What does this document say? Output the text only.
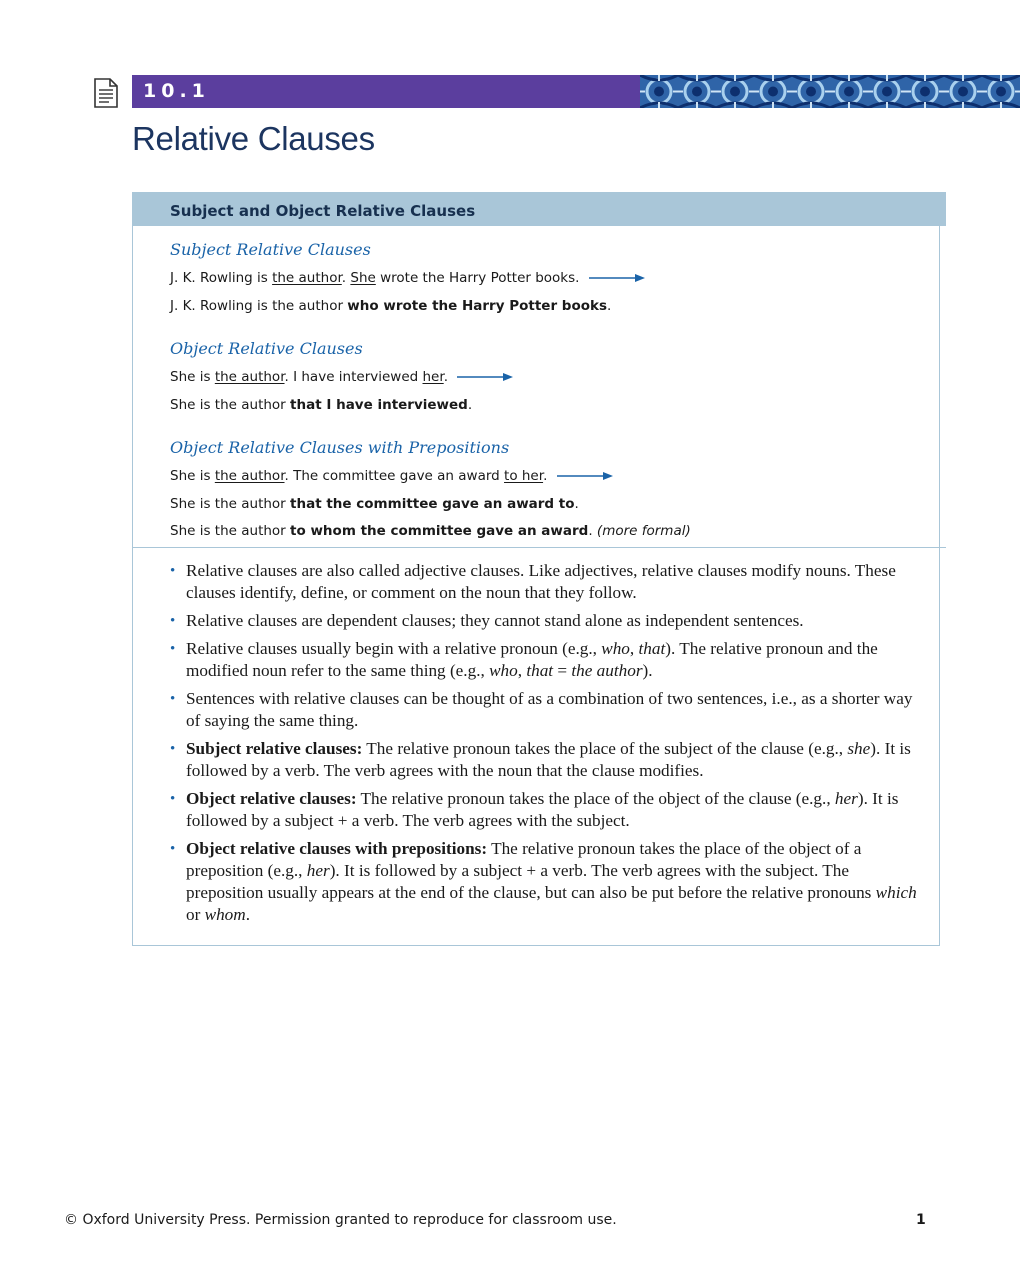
10.1
Relative Clauses
Subject and Object Relative Clauses
Subject Relative Clauses
J. K. Rowling is the author. She wrote the Harry Potter books.
J. K. Rowling is the author who wrote the Harry Potter books.
Object Relative Clauses
She is the author. I have interviewed her.
She is the author that I have interviewed.
Object Relative Clauses with Prepositions
She is the author. The committee gave an award to her.
She is the author that the committee gave an award to.
She is the author to whom the committee gave an award. (more formal)

• Relative clauses are also called adjective clauses. Like adjectives, relative clauses modify nouns. These clauses identify, define, or comment on the noun that they follow.

• Relative clauses are dependent clauses; they cannot stand alone as independent sentences.

• Relative clauses usually begin with a relative pronoun (e.g., who, that). The relative pronoun and the modified noun refer to the same thing (e.g., who, that = the author).

• Sentences with relative clauses can be thought of as a combination of two sentences, i.e., as a shorter way of saying the same thing.

• Subject relative clauses: The relative pronoun takes the place of the subject of the clause (e.g., she). It is followed by a verb. The verb agrees with the noun that the clause modifies.

• Object relative clauses: The relative pronoun takes the place of the object of the clause (e.g., her). It is followed by a subject + a verb. The verb agrees with the subject.

• Object relative clauses with prepositions: The relative pronoun takes the place of the object of a preposition (e.g., her). It is followed by a subject + a verb. The verb agrees with the subject. The preposition usually appears at the end of the clause, but can also be put before the relative pronouns which or whom.

© Oxford University Press. Permission granted to reproduce for classroom use.	1
